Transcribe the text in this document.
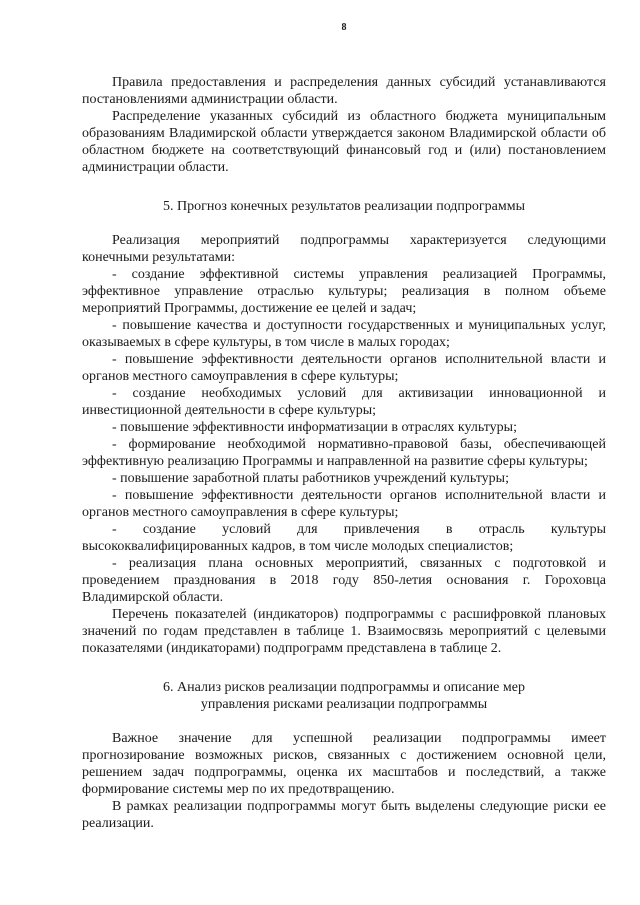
8

Правила предоставления и распределения данных субсидий устанавливаются постановлениями администрации области.

Распределение указанных субсидий из областного бюджета муниципальным образованиям Владимирской области утверждается законом Владимирской области об областном бюджете на соответствующий финансовый год и (или) постановлением администрации области.

5. Прогноз конечных результатов реализации подпрограммы

Реализация мероприятий подпрограммы характеризуется следующими конечными результатами:

- создание эффективной системы управления реализацией Программы, эффективное управление отраслью культуры; реализация в полном объеме мероприятий Программы, достижение ее целей и задач;

- повышение качества и доступности государственных и муниципальных услуг, оказываемых в сфере культуры, в том числе в малых городах;

- повышение эффективности деятельности органов исполнительной власти и органов местного самоуправления в сфере культуры;

- создание необходимых условий для активизации инновационной и инвестиционной деятельности в сфере культуры;

- повышение эффективности информатизации в отраслях культуры;

- формирование необходимой нормативно-правовой базы, обеспечивающей эффективную реализацию Программы и направленной на развитие сферы культуры;

- повышение заработной платы работников учреждений культуры;

- повышение эффективности деятельности органов исполнительной власти и органов местного самоуправления в сфере культуры;

- создание условий для привлечения в отрасль культуры высококвалифицированных кадров, в том числе молодых специалистов;

- реализация плана основных мероприятий, связанных с подготовкой и проведением празднования в 2018 году 850-летия основания г. Гороховца Владимирской области.

Перечень показателей (индикаторов) подпрограммы с расшифровкой плановых значений по годам представлен в таблице 1. Взаимосвязь мероприятий с целевыми показателями (индикаторами) подпрограмм представлена в таблице 2.

6. Анализ рисков реализации подпрограммы и описание мер

управления рисками реализации подпрограммы

Важное значение для успешной реализации подпрограммы имеет прогнозирование возможных рисков, связанных с достижением основной цели, решением задач подпрограммы, оценка их масштабов и последствий, а также формирование системы мер по их предотвращению.

В рамках реализации подпрограммы могут быть выделены следующие риски ее реализации.
